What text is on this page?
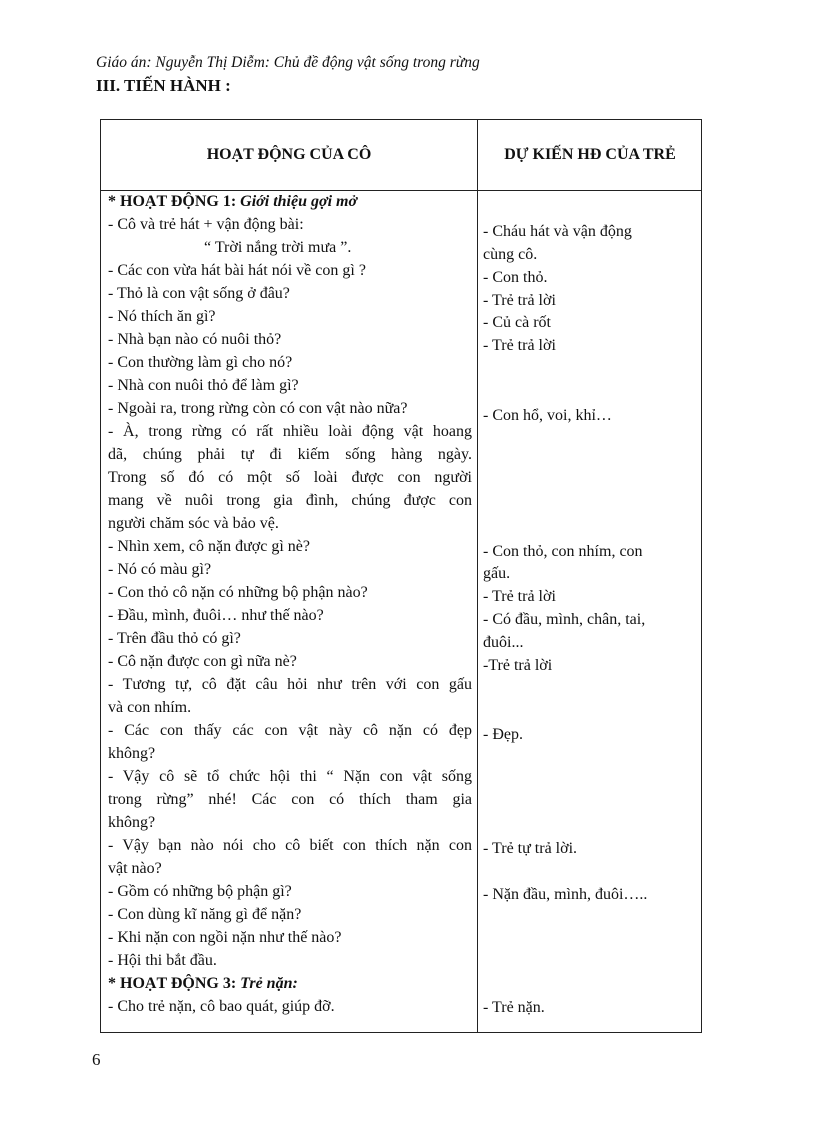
Giáo án: Nguyễn Thị Diễm: Chủ đề động vật sống trong rừng
III. TIẾN HÀNH :
HOẠT ĐỘNG CỦA CÔ	DỰ KIẾN HĐ CỦA TRẺ
* HOẠT ĐỘNG 1: Giới thiệu gợi mở
- Cô và trẻ hát + vận động bài:
“ Trời nắng trời mưa ”.
- Các con vừa hát bài hát nói về con gì ?
- Thỏ là con vật sống ở đâu?
- Nó thích ăn gì?
- Nhà bạn nào có nuôi thỏ?
- Con thường làm gì cho nó?
- Nhà con nuôi thỏ để làm gì?
- Ngoài ra, trong rừng còn có con vật nào nữa?
- À, trong rừng có rất nhiều loài động vật hoang
dã, chúng phải tự đi kiếm sống hàng ngày.
Trong số đó có một số loài được con người
mang về nuôi trong gia đình, chúng được con
người chăm sóc và bảo vệ.
- Nhìn xem, cô nặn được gì nè?
- Nó có màu gì?
- Con thỏ cô nặn có những bộ phận nào?
- Đầu, mình, đuôi… như thế nào?
- Trên đầu thỏ có gì?
- Cô nặn được con gì nữa nè?
- Tương tự, cô đặt câu hỏi như trên với con gấu
và con nhím.
- Các con thấy các con vật này cô nặn có đẹp
không?
- Vậy cô sẽ tổ chức hội thi “ Nặn con vật sống
trong rừng” nhé! Các con có thích tham gia
không?
- Vậy bạn nào nói cho cô biết con thích nặn con
vật nào?
- Gồm có những bộ phận gì?
- Con dùng kĩ năng gì để nặn?
- Khi nặn con ngồi nặn như thế nào?
- Hội thi bắt đầu.
* HOẠT ĐỘNG 3: Trẻ nặn:
- Cho trẻ nặn, cô bao quát, giúp đỡ.
- Cháu hát và vận động
cùng cô.
- Con thỏ.
- Trẻ trả lời
- Củ cà rốt
- Trẻ trả lời
- Con hổ, voi, khỉ…
- Con thỏ, con nhím, con
gấu.
- Trẻ trả lời
- Có đầu, mình, chân, tai,
đuôi...
-Trẻ trả lời
- Đẹp.
- Trẻ tự trả lời.
- Nặn đầu, mình, đuôi…..
- Trẻ nặn.
6
